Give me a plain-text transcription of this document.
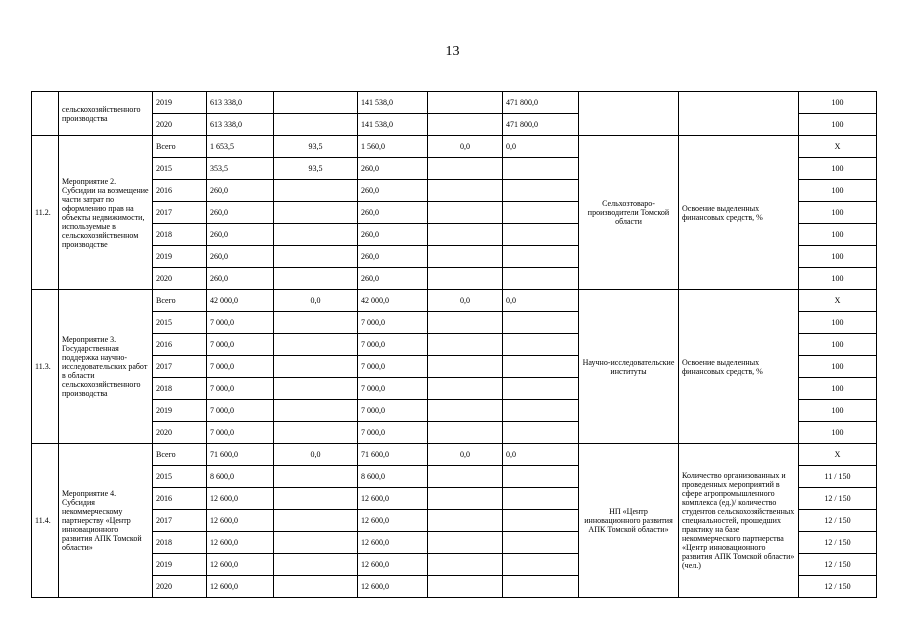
13
	сельскохозяйственного производства	2019	613 338,0		141 538,0		471 800,0			100
		2020	613 338,0		141 538,0		471 800,0			100
11.2.	Мероприятие 2. Субсидии на возмещение части затрат по оформлению прав на объекты недвижимости, используемые в сельскохозяйственном производстве	Всего	1 653,5	93,5	1 560,0	0,0	0,0	Сельхозтоваро-производители Томской области	Освоение выделенных финансовых средств, %	Х
		2015	353,5	93,5	260,0					100
		2016	260,0		260,0					100
		2017	260,0		260,0					100
		2018	260,0		260,0					100
		2019	260,0		260,0					100
		2020	260,0		260,0					100
11.3.	Мероприятие 3. Государственная поддержка научно-исследовательских работ в области сельскохозяйственного производства	Всего	42 000,0	0,0	42 000,0	0,0	0,0	Научно-исследовательские институты	Освоение выделенных финансовых средств, %	Х
		2015	7 000,0		7 000,0					100
		2016	7 000,0		7 000,0					100
		2017	7 000,0		7 000,0					100
		2018	7 000,0		7 000,0					100
		2019	7 000,0		7 000,0					100
		2020	7 000,0		7 000,0					100
11.4.	Мероприятие 4. Субсидия некоммерческому партнерству «Центр инновационного развития АПК Томской области»	Всего	71 600,0	0,0	71 600,0	0,0	0,0	НП «Центр инновационного развития АПК Томской области»	Количество организованных и проведенных мероприятий в сфере агропромышленного комплекса (ед.)/ количество студентов сельскохозяйственных специальностей, прошедших практику на базе некоммерческого партнерства «Центр инновационного развития АПК Томской области» (чел.)	Х
		2015	8 600,0		8 600,0					11 / 150
		2016	12 600,0		12 600,0					12 / 150
		2017	12 600,0		12 600,0					12 / 150
		2018	12 600,0		12 600,0					12 / 150
		2019	12 600,0		12 600,0					12 / 150
		2020	12 600,0		12 600,0					12 / 150
